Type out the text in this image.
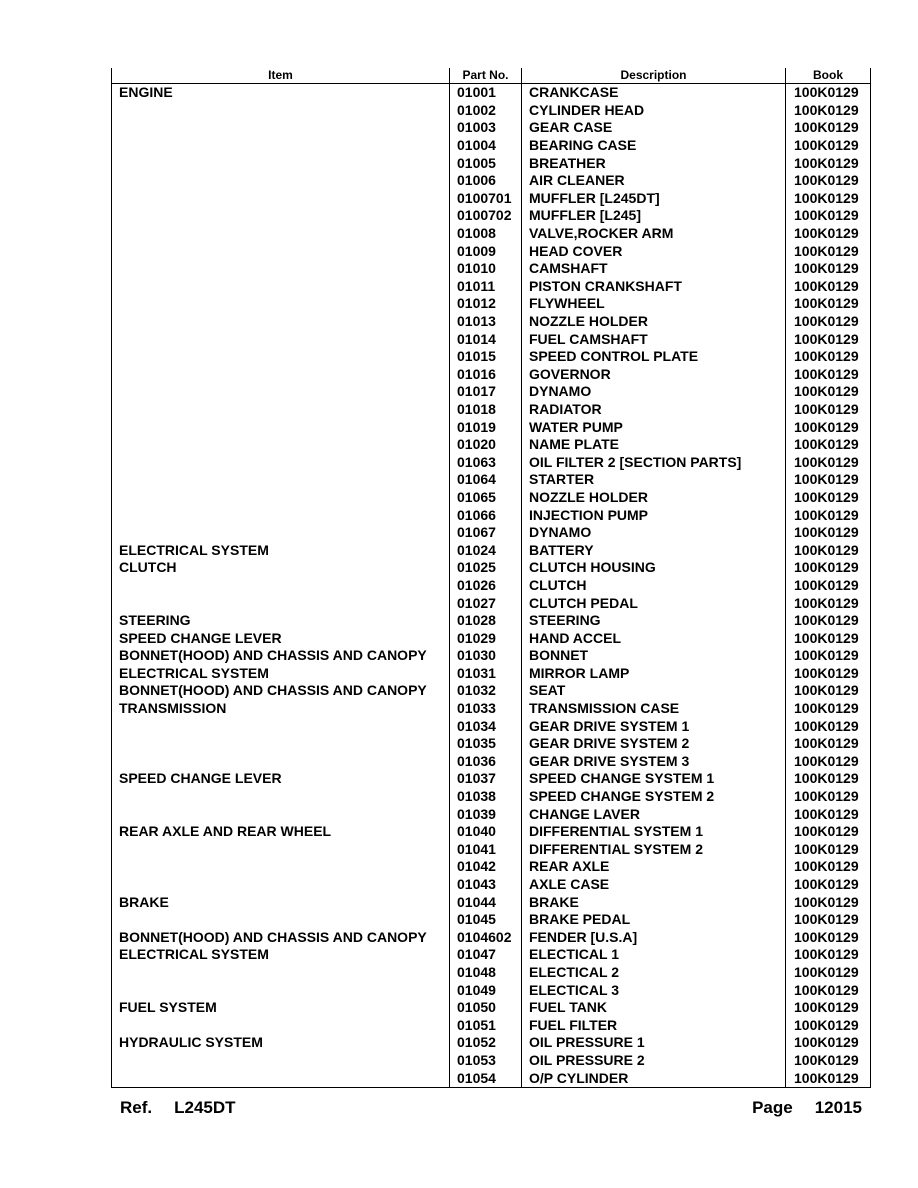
Item	Part No.	Description	Book
ENGINE	01001	CRANKCASE	100K0129
	01002	CYLINDER HEAD	100K0129
	01003	GEAR CASE	100K0129
	01004	BEARING CASE	100K0129
	01005	BREATHER	100K0129
	01006	AIR CLEANER	100K0129
	0100701	MUFFLER [L245DT]	100K0129
	0100702	MUFFLER [L245]	100K0129
	01008	VALVE,ROCKER ARM	100K0129
	01009	HEAD COVER	100K0129
	01010	CAMSHAFT	100K0129
	01011	PISTON CRANKSHAFT	100K0129
	01012	FLYWHEEL	100K0129
	01013	NOZZLE HOLDER	100K0129
	01014	FUEL CAMSHAFT	100K0129
	01015	SPEED CONTROL PLATE	100K0129
	01016	GOVERNOR	100K0129
	01017	DYNAMO	100K0129
	01018	RADIATOR	100K0129
	01019	WATER PUMP	100K0129
	01020	NAME PLATE	100K0129
	01063	OIL FILTER 2 [SECTION PARTS]	100K0129
	01064	STARTER	100K0129
	01065	NOZZLE HOLDER	100K0129
	01066	INJECTION PUMP	100K0129
	01067	DYNAMO	100K0129
ELECTRICAL SYSTEM	01024	BATTERY	100K0129
CLUTCH	01025	CLUTCH HOUSING	100K0129
	01026	CLUTCH	100K0129
	01027	CLUTCH PEDAL	100K0129
STEERING	01028	STEERING	100K0129
SPEED CHANGE LEVER	01029	HAND ACCEL	100K0129
BONNET(HOOD) AND CHASSIS AND CANOPY	01030	BONNET	100K0129
ELECTRICAL SYSTEM	01031	MIRROR LAMP	100K0129
BONNET(HOOD) AND CHASSIS AND CANOPY	01032	SEAT	100K0129
TRANSMISSION	01033	TRANSMISSION CASE	100K0129
	01034	GEAR DRIVE SYSTEM 1	100K0129
	01035	GEAR DRIVE SYSTEM 2	100K0129
	01036	GEAR DRIVE SYSTEM 3	100K0129
SPEED CHANGE LEVER	01037	SPEED CHANGE SYSTEM 1	100K0129
	01038	SPEED CHANGE SYSTEM 2	100K0129
	01039	CHANGE LAVER	100K0129
REAR AXLE AND REAR WHEEL	01040	DIFFERENTIAL SYSTEM 1	100K0129
	01041	DIFFERENTIAL SYSTEM 2	100K0129
	01042	REAR AXLE	100K0129
	01043	AXLE CASE	100K0129
BRAKE	01044	BRAKE	100K0129
	01045	BRAKE PEDAL	100K0129
BONNET(HOOD) AND CHASSIS AND CANOPY	0104602	FENDER [U.S.A]	100K0129
ELECTRICAL SYSTEM	01047	ELECTICAL 1	100K0129
	01048	ELECTICAL 2	100K0129
	01049	ELECTICAL 3	100K0129
FUEL SYSTEM	01050	FUEL TANK	100K0129
	01051	FUEL FILTER	100K0129
HYDRAULIC SYSTEM	01052	OIL PRESSURE 1	100K0129
	01053	OIL PRESSURE 2	100K0129
	01054	O/P CYLINDER	100K0129
Ref. L245DT	Page 12015
